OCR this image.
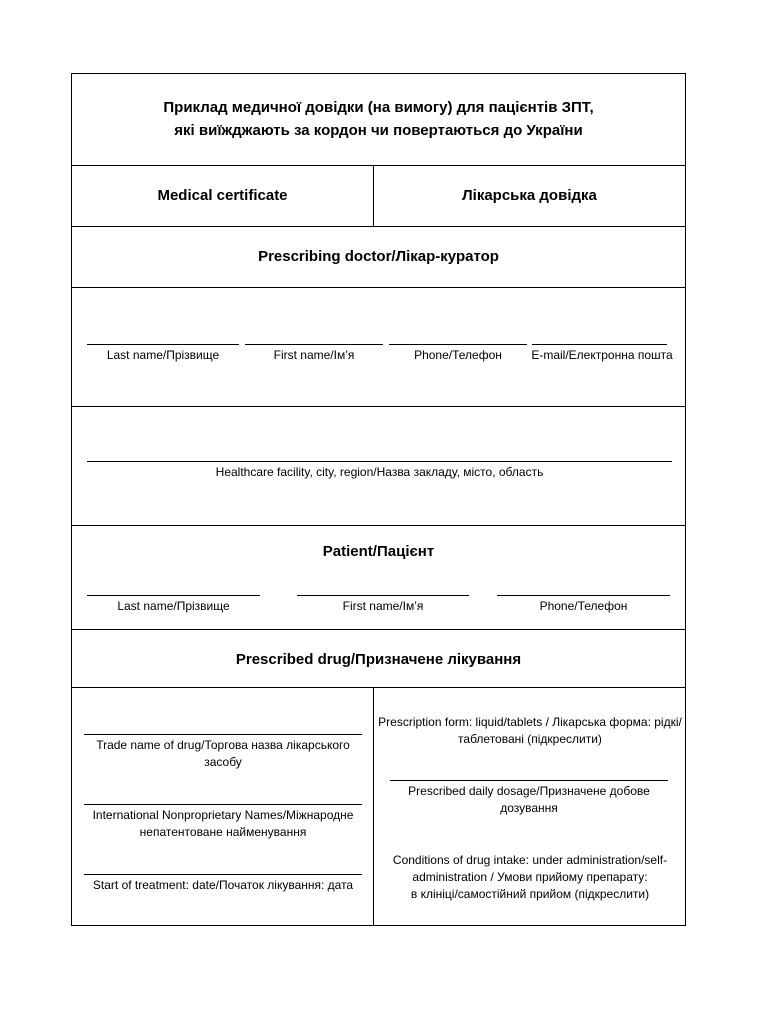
Приклад медичної довідки (на вимогу) для пацієнтів ЗПТ,
які виїжджають за кордон чи повертаються до України
Medical certificate	Лікарська довідка
Prescribing doctor/Лікар-куратор
Last name/Прізвище	First name/Ім’я	Phone/Телефон	E-mail/Електронна пошта
Healthcare facility, city, region/Назва закладу, місто, область
Patient/Пацієнт
Last name/Прізвище	First name/Ім’я	Phone/Телефон
Prescribed drug/Призначене лікування
Trade name of drug/Торгова назва лікарського засобу
International Nonproprietary Names/Міжнародне непатентоване найменування
Start of treatment: date/Початок лікування: дата
Prescription form: liquid/tablets / Лікарська форма: рідкі/таблетовані (підкреслити)
Prescribed daily dosage/Призначене добове дозування
Conditions of drug intake: under administration/self-administration / Умови прийому препарату:
в клініці/самостійний прийом (підкреслити)
